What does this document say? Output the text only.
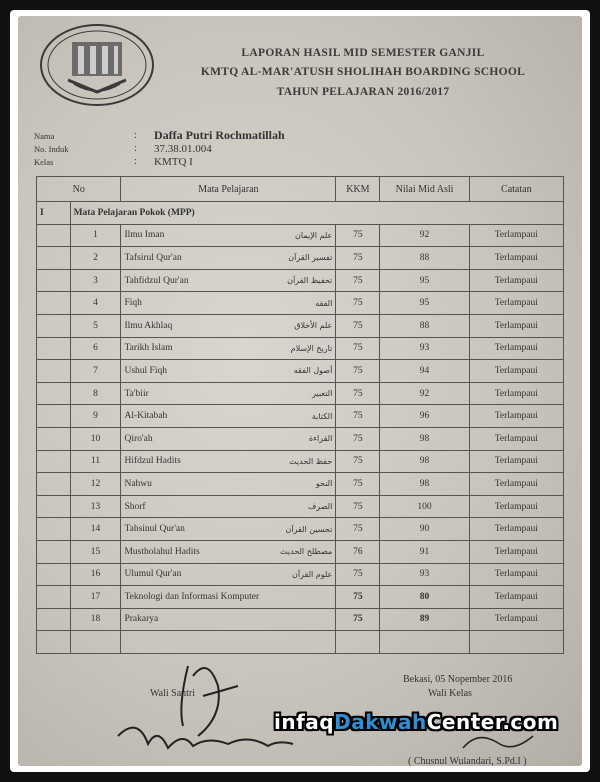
LAPORAN HASIL MID SEMESTER GANJIL
KMTQ AL-MAR'ATUSH SHOLIHAH BOARDING SCHOOL
TAHUN PELAJARAN 2016/2017
Nama	:	Daffa Putri Rochmatillah
No. Induk	:	37.38.01.004
Kelas	:	KMTQ I
No		Mata Pelajaran	KKM	Nilai Mid Asli	Catatan
I	Mata Pelajaran Pokok (MPP)				
	1	Ilmu Iman علم الإيمان	75	92	Terlampaui
	2	Tafsirul Qur'an تفسير القرآن	75	88	Terlampaui
	3	Tahfidzul Qur'an تحفيظ القرآن	75	95	Terlampaui
	4	Fiqh الفقه	75	95	Terlampaui
	5	Ilmu Akhlaq علم الأخلاق	75	88	Terlampaui
	6	Tarikh Islam تاريخ الإسلام	75	93	Terlampaui
	7	Ushul Fiqh أصول الفقه	75	94	Terlampaui
	8	Ta'biir التعبير	75	92	Terlampaui
	9	Al-Kitabah الكتابة	75	96	Terlampaui
	10	Qiro'ah القراءة	75	98	Terlampaui
	11	Hifdzul Hadits حفظ الحديث	75	98	Terlampaui
	12	Nahwu النحو	75	98	Terlampaui
	13	Shorf الصرف	75	100	Terlampaui
	14	Tahsinul Qur'an تحسين القرآن	75	90	Terlampaui
	15	Mustholahul Hadits مصطلح الحديث	76	91	Terlampaui
	16	Ulumul Qur'an علوم القرآن	75	93	Terlampaui
	17	Teknologi dan Informasi Komputer	75	80	Terlampaui
	18	Prakarya	75	89	Terlampaui

Bekasi, 05 Nopember 2016
Wali Kelas
Wali Santri
( Chusnul Wulandari, S.Pd.I )
infaqDakwahCenter.com
